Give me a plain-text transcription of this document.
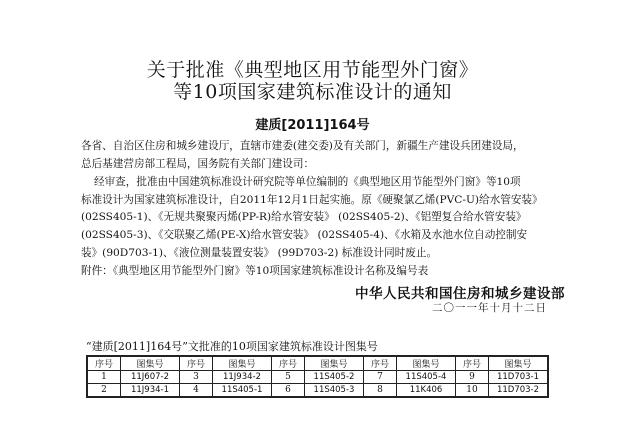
关于批准《典型地区用节能型外门窗》
等10项国家建筑标准设计的通知
建质[2011]164号
各省、自治区住房和城乡建设厅，直辖市建委(建交委)及有关部门，新疆生产建设兵团建设局，
总后基建营房部工程局，国务院有关部门建设司：
经审查，批准由中国建筑标准设计研究院等单位编制的《典型地区用节能型外门窗》等10项
标准设计为国家建筑标准设计，自2011年12月1日起实施。原《硬聚氯乙烯(PVC-U)给水管安装》
(02SS405-1)、《无规共聚聚丙烯(PP-R)给水管安装》 (02SS405-2)、《铝塑复合给水管安装》
(02SS405-3)、《交联聚乙烯(PE-X)给水管安装》 (02SS405-4)、《水箱及水池水位自动控制安
装》(90D703-1)、《液位测量装置安装》 (99D703-2) 标准设计同时废止。
附件：《典型地区用节能型外门窗》等10项国家建筑标准设计名称及编号表
中华人民共和国住房和城乡建设部
二〇一一年十月十二日
“建质[2011]164号”文批准的10项国家建筑标准设计图集号
序号	图集号	序号	图集号	序号	图集号	序号	图集号	序号	图集号
1	11J607-2	3	11J934-2	5	11S405-2	7	11S405-4	9	11D703-1
2	11J934-1	4	11S405-1	6	11S405-3	8	11K406	10	11D703-2
